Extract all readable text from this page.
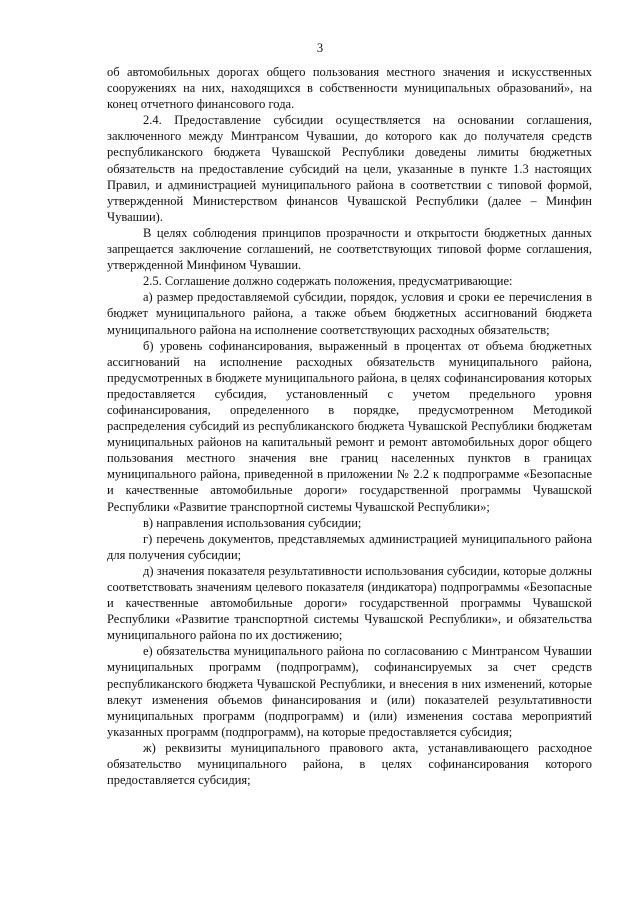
3

об автомобильных дорогах общего пользования местного значения и искусственных сооружениях на них, находящихся в собственности муниципальных образований», на конец отчетного финансового года.

2.4. Предоставление субсидии осуществляется на основании соглашения, заключенного между Минтрансом Чувашии, до которого как до получателя средств республиканского бюджета Чувашской Республики доведены лимиты бюджетных обязательств на предоставление субсидий на цели, указанные в пункте 1.3 настоящих Правил, и администрацией муниципального района в соответствии с типовой формой, утвержденной Министерством финансов Чувашской Республики (далее – Минфин Чувашии).

В целях соблюдения принципов прозрачности и открытости бюджетных данных запрещается заключение соглашений, не соответствующих типовой форме соглашения, утвержденной Минфином Чувашии.

2.5. Соглашение должно содержать положения, предусматривающие:

а) размер предоставляемой субсидии, порядок, условия и сроки ее перечисления в бюджет муниципального района, а также объем бюджетных ассигнований бюджета муниципального района на исполнение соответствующих расходных обязательств;

б) уровень софинансирования, выраженный в процентах от объема бюджетных ассигнований на исполнение расходных обязательств муниципального района, предусмотренных в бюджете муниципального района, в целях софинансирования которых предоставляется субсидия, установленный с учетом предельного уровня софинансирования, определенного в порядке, предусмотренном Методикой распределения субсидий из республиканского бюджета Чувашской Республики бюджетам муниципальных районов на капитальный ремонт и ремонт автомобильных дорог общего пользования местного значения вне границ населенных пунктов в границах муниципального района, приведенной в приложении № 2.2 к подпрограмме «Безопасные и качественные автомобильные дороги» государственной программы Чувашской Республики «Развитие транспортной системы Чувашской Республики»;

в) направления использования субсидии;

г) перечень документов, представляемых администрацией муниципального района для получения субсидии;

д) значения показателя результативности использования субсидии, которые должны соответствовать значениям целевого показателя (индикатора) подпрограммы «Безопасные и качественные автомобильные дороги» государственной программы Чувашской Республики «Развитие транспортной системы Чувашской Республики», и обязательства муниципального района по их достижению;

е) обязательства муниципального района по согласованию с Минтрансом Чувашии муниципальных программ (подпрограмм), софинансируемых за счет средств республиканского бюджета Чувашской Республики, и внесения в них изменений, которые влекут изменения объемов финансирования и (или) показателей результативности муниципальных программ (подпрограмм) и (или) изменения состава мероприятий указанных программ (подпрограмм), на которые предоставляется субсидия;

ж) реквизиты муниципального правового акта, устанавливающего расходное обязательство муниципального района, в целях софинансирования которого предоставляется субсидия;
